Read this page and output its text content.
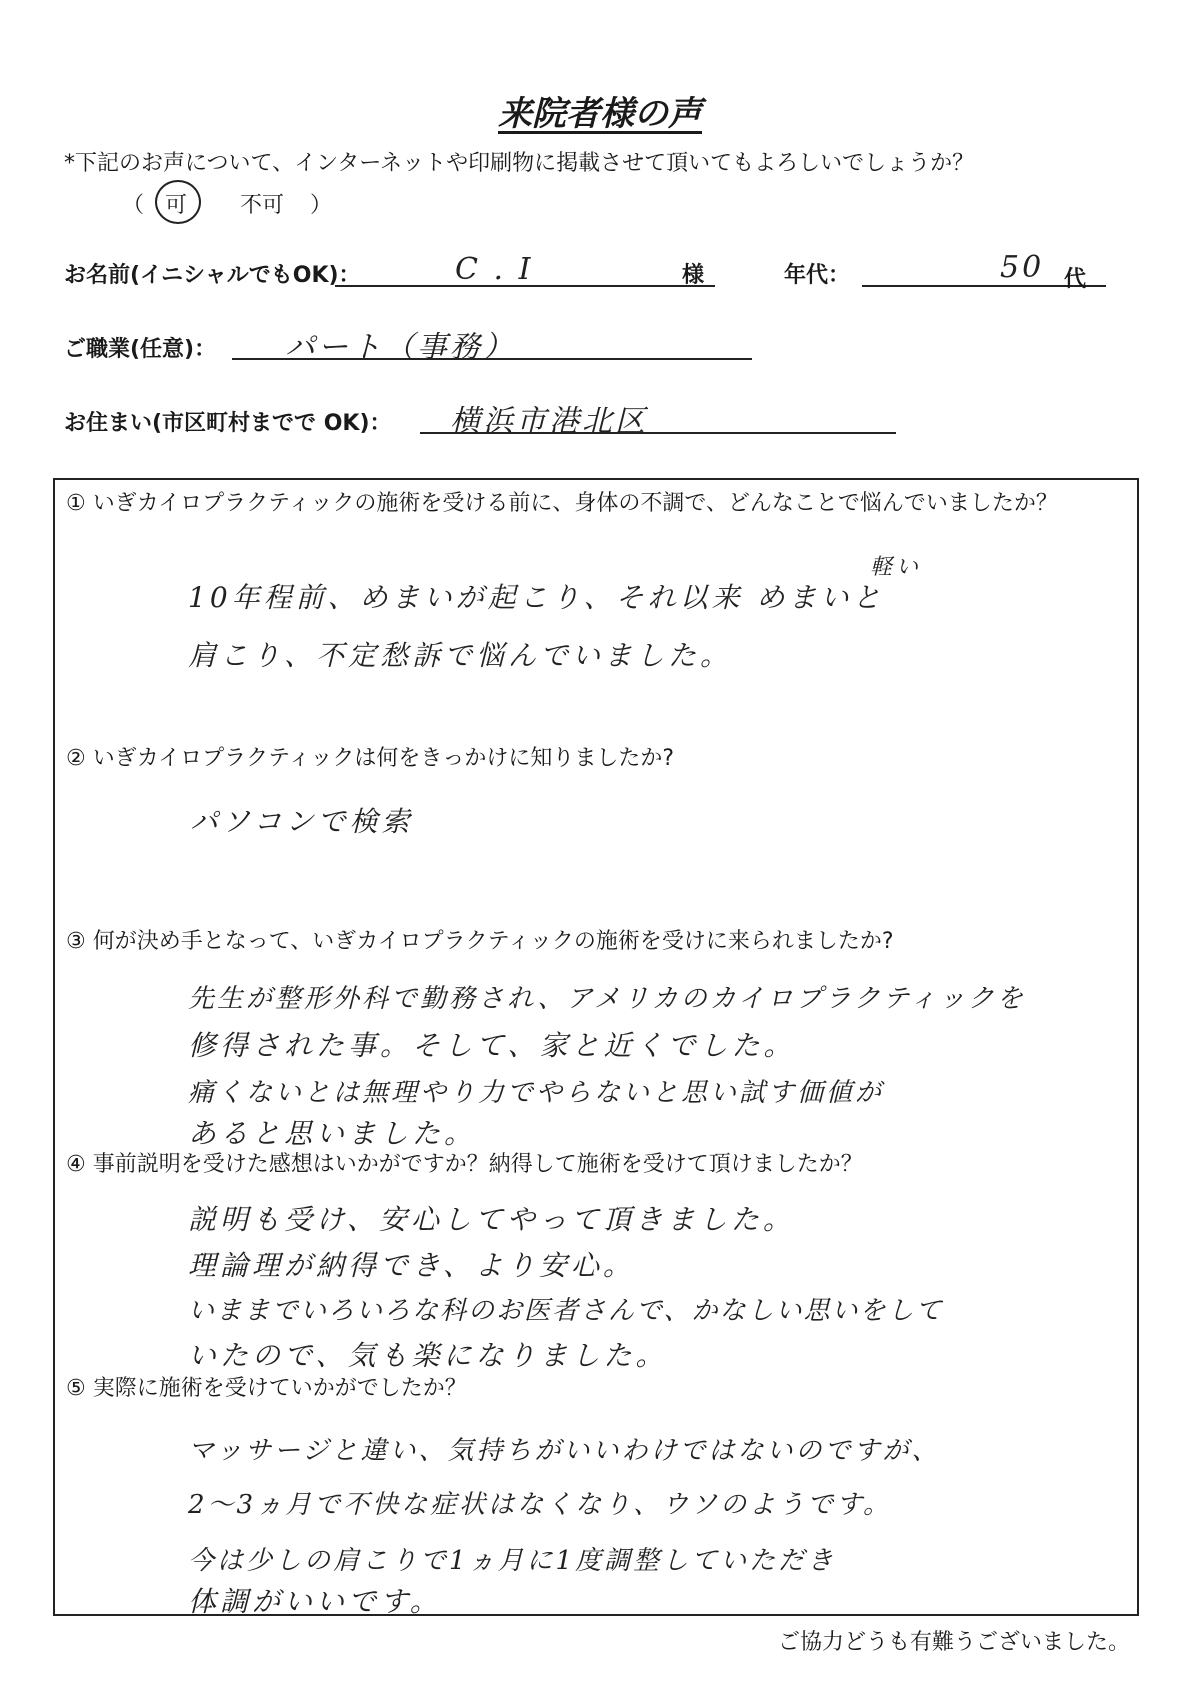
来院者様の声
*下記のお声について、インターネットや印刷物に掲載させて頂いてもよろしいでしょうか？
（ 可 不可 ）
お名前(イニシャルでもOK)：	C . I	様	年代：	50 代
ご職業(任意)： パート（事務）
お住まい(市区町村までで OK)： 横浜市港北区
① いぎカイロプラクティックの施術を受ける前に、身体の不調で、どんなことで悩んでいましたか？
軽い
10年程前、めまいが起こり、それ以来 めまいと
肩こり、不定愁訴で悩んでいました。
② いぎカイロプラクティックは何をきっかけに知りましたか?
パソコンで検索
③ 何が決め手となって、いぎカイロプラクティックの施術を受けに来られましたか?
先生が整形外科で勤務され、アメリカのカイロプラクティックを
修得された事。そして、家と近くでした。
痛くないとは無理やり力でやらないと思い試す価値が
あると思いました。
④ 事前説明を受けた感想はいかがですか？納得して施術を受けて頂けましたか？
説明も受け、安心してやって頂きました。
理論理が納得でき、より安心。
いままでいろいろな科のお医者さんで、かなしい思いをして
いたので、気も楽になりました。
⑤ 実際に施術を受けていかがでしたか？
マッサージと違い、気持ちがいいわけではないのですが、
2～3ヵ月で不快な症状はなくなり、ウソのようです。
今は少しの肩こりで1ヵ月に1度調整していただき
体調がいいです。
ご協力どうも有難うございました。
